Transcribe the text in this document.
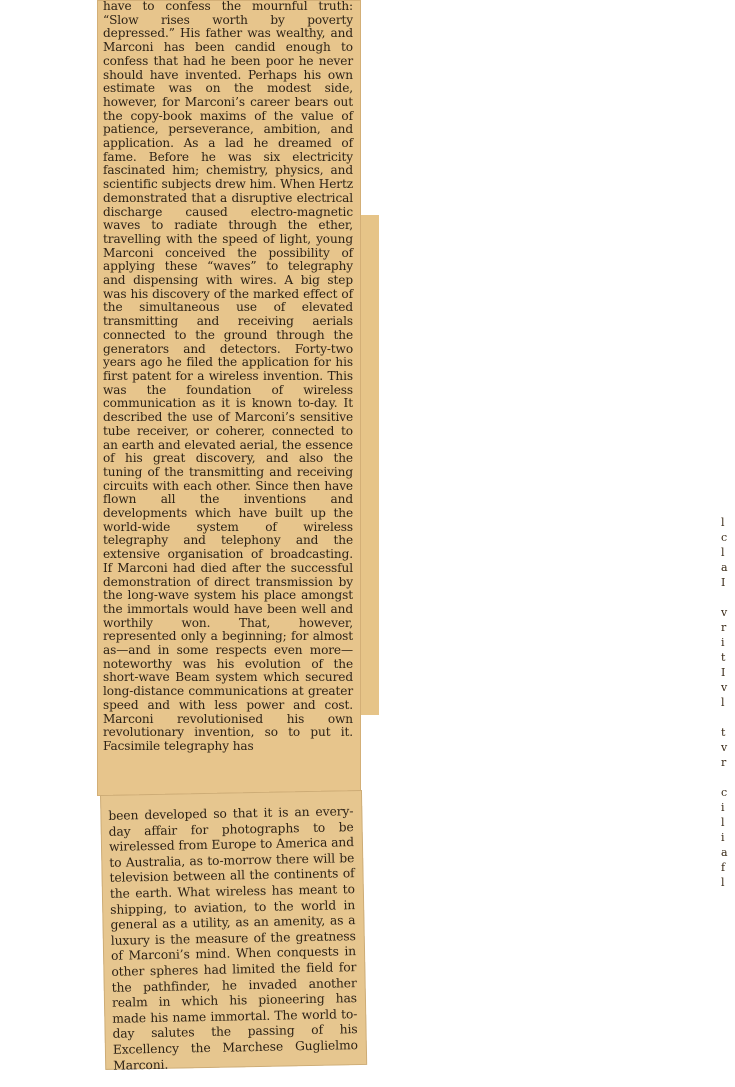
l
c
l
a
I

v
r
i
t
I
v
l

t
v
r

c
i
l
i
a
f
l

have to confess the mournful truth: “Slow rises worth by poverty depressed.” His father was wealthy, and Marconi has been candid enough to confess that had he been poor he never should have invented. Perhaps his own estimate was on the modest side, however, for Marconi’s career bears out the copy-book maxims of the value of patience, perseverance, ambition, and application. As a lad he dreamed of fame. Before he was six electricity fascinated him; chemistry, physics, and scientific subjects drew him. When Hertz demonstrated that a disruptive electrical discharge caused electro-magnetic waves to radiate through the ether, travelling with the speed of light, young Marconi conceived the possibility of applying these “waves” to telegraphy and dispensing with wires. A big step was his discovery of the marked effect of the simultaneous use of elevated transmitting and receiving aerials connected to the ground through the generators and detectors. Forty-two years ago he filed the application for his first patent for a wireless invention. This was the foundation of wireless communication as it is known to-day. It described the use of Marconi’s sensitive tube receiver, or coherer, connected to an earth and elevated aerial, the essence of his great discovery, and also the tuning of the transmitting and receiving circuits with each other. Since then have flown all the inventions and developments which have built up the world-wide system of wireless telegraphy and telephony and the extensive organisation of broadcasting. If Marconi had died after the successful demonstration of direct transmission by the long-wave system his place amongst the immortals would have been well and worthily won. That, however, represented only a beginning; for almost as—and in some respects even more—noteworthy was his evolution of the short-wave Beam system which secured long-distance communications at greater speed and with less power and cost. Marconi revolutionised his own revolutionary invention, so to put it. Facsimile telegraphy has

been developed so that it is an every-day affair for photographs to be wirelessed from Europe to America and to Australia, as to-morrow there will be television between all the continents of the earth. What wireless has meant to shipping, to aviation, to the world in general as a utility, as an amenity, as a luxury is the measure of the greatness of Marconi’s mind. When conquests in other spheres had limited the field for the pathfinder, he invaded another realm in which his pioneering has made his name immortal. The world to-day salutes the passing of his Excellency the Marchese Guglielmo Marconi.
